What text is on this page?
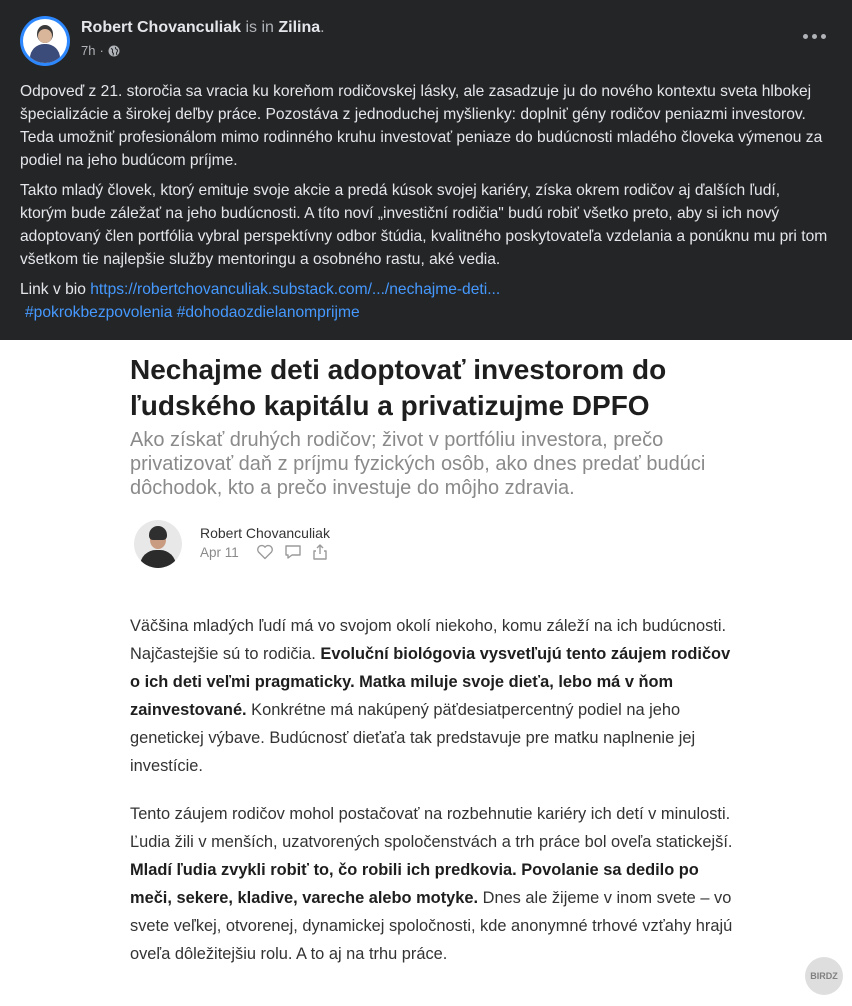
Robert Chovanculiak is in Zilina.
7h ·

Odpoveď z 21. storočia sa vracia ku koreňom rodičovskej lásky, ale zasadzuje ju do nového kontextu sveta hlbokej špecializácie a širokej deľby práce. Pozostáva z jednoduchej myšlienky: doplniť gény rodičov peniazmi investorov. Teda umožniť profesionálom mimo rodinného kruhu investovať peniaze do budúcnosti mladého človeka výmenou za podiel na jeho budúcom príjme.

Takto mladý človek, ktorý emituje svoje akcie a predá kúsok svojej kariéry, získa okrem rodičov aj ďalších ľudí, ktorým bude záležať na jeho budúcnosti. A títo noví „investiční rodičia" budú robiť všetko preto, aby si ich nový adoptovaný člen portfólia vybral perspektívny odbor štúdia, kvalitného poskytovateľa vzdelania a ponúknu mu pri tom všetkom tie najlepšie služby mentoringu a osobného rastu, aké vedia.

Link v bio https://robertchovanculiak.substack.com/.../nechajme-deti...
#pokrokbezpovolenia #dohodaozdielanomprijme

Nechajme deti adoptovať investorom do ľudského kapitálu a privatizujme DPFO
Ako získať druhých rodičov; život v portfóliu investora, prečo privatizovať daň z príjmu fyzických osôb, ako dnes predať budúci dôchodok, kto a prečo investuje do môjho zdravia.
Robert Chovanculiak
Apr 11

Väčšina mladých ľudí má vo svojom okolí niekoho, komu záleží na ich budúcnosti. Najčastejšie sú to rodičia. Evoluční biológovia vysvetľujú tento záujem rodičov o ich deti veľmi pragmaticky. Matka miluje svoje dieťa, lebo má v ňom zainvestované. Konkrétne má nakúpený päťdesiatpercentný podiel na jeho genetickej výbave. Budúcnosť dieťaťa tak predstavuje pre matku naplnenie jej investície.

Tento záujem rodičov mohol postačovať na rozbehnutie kariéry ich detí v minulosti. Ľudia žili v menších, uzatvorených spoločenstvách a trh práce bol oveľa statickejší. Mladí ľudia zvykli robiť to, čo robili ich predkovia. Povolanie sa dedilo po meči, sekere, kladive, vareche alebo motyke. Dnes ale žijeme v inom svete – vo svete veľkej, otvorenej, dynamickej spoločnosti, kde anonymné trhové vzťahy hrajú oveľa dôležitejšiu rolu. A to aj na trhu práce.

BIRDZ
